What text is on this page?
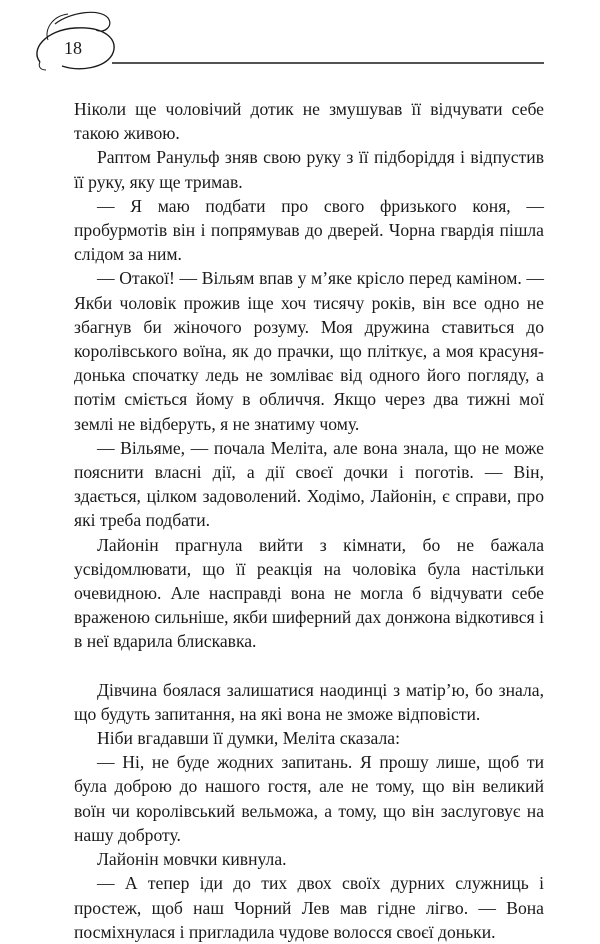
18

Ніколи ще чоловічий дотик не змушував її відчувати себе такою живою.

Раптом Ранульф зняв свою руку з її підборіддя і відпустив її руку, яку ще тримав.

— Я маю подбати про свого фризького коня, — пробурмотів він і попрямував до дверей. Чорна гвардія пішла слідом за ним.

— Отакої! — Вільям впав у м’яке крісло перед каміном. — Якби чоловік прожив іще хоч тисячу років, він все одно не збагнув би жіночого розуму. Моя дружина ставиться до королівського воїна, як до прачки, що пліткує, а моя красуня-донька спочатку ледь не зомліває від одного його погляду, а потім сміється йому в обличчя. Якщо через два тижні мої землі не відберуть, я не знатиму чому.

— Вільяме, — почала Меліта, але вона знала, що не може пояснити власні дії, а дії своєї дочки і поготів. — Він, здається, цілком задоволений. Ходімо, Лайонін, є справи, про які треба подбати.

Лайонін прагнула вийти з кімнати, бо не бажала усвідомлювати, що її реакція на чоловіка була настільки очевидною. Але насправді вона не могла б відчувати себе враженою сильніше, якби шиферний дах донжона відкотився і в неї вдарила блискавка.

Дівчина боялася залишатися наодинці з матір’ю, бо знала, що будуть запитання, на які вона не зможе відповісти.

Ніби вгадавши її думки, Меліта сказала:

— Ні, не буде жодних запитань. Я прошу лише, щоб ти була доброю до нашого гостя, але не тому, що він великий воїн чи королівський вельможа, а тому, що він заслуговує на нашу доброту.

Лайонін мовчки кивнула.

— А тепер іди до тих двох своїх дурних служниць і простеж, щоб наш Чорний Лев мав гідне лігво. — Вона посміхнулася і пригладила чудове волосся своєї доньки.
